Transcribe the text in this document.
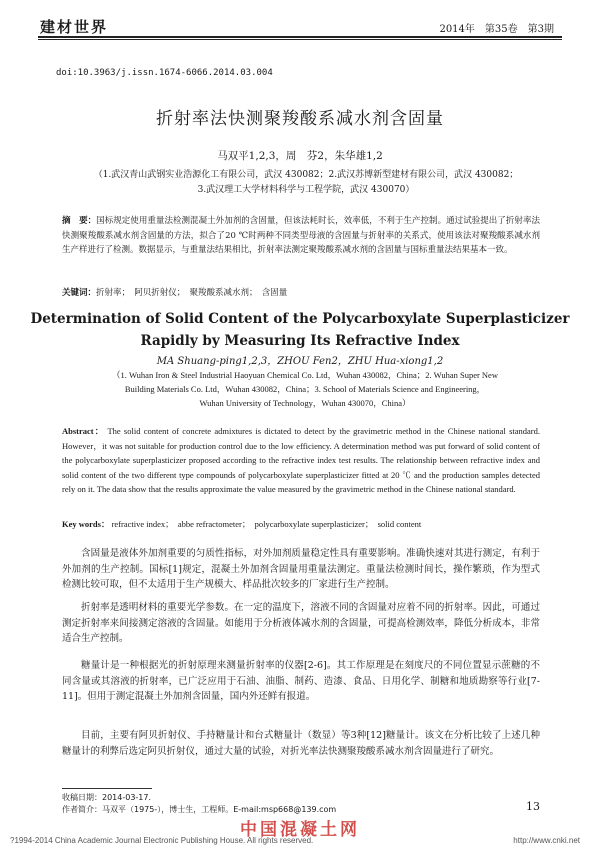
建材世界	2014年　第35卷　第3期
doi:10.3963/j.issn.1674-6066.2014.03.004
折射率法快测聚羧酸系减水剂含固量
马双平1,2,3，周　芬2，朱华雄1,2
（1.武汉青山武钢实业浩源化工有限公司，武汉 430082；2.武汉苏博新型建材有限公司，武汉 430082；
3.武汉理工大学材料科学与工程学院，武汉 430070）
摘　要：国标规定使用重量法检测混凝土外加剂的含固量，但该法耗时长，效率低，不利于生产控制。通过试验提出了折射率法快测聚羧酸系减水剂含固量的方法，拟合了20 ℃时两种不同类型母液的含固量与折射率的关系式，使用该法对聚羧酸系减水剂生产样进行了检测。数据显示，与重量法结果相比，折射率法测定聚羧酸系减水剂的含固量与国标重量法结果基本一致。
关键词：折射率；　阿贝折射仪；　聚羧酸系减水剂；　含固量
Determination of Solid Content of the Polycarboxylate Superplasticizer
Rapidly by Measuring Its Refractive Index
MA Shuang-ping1,2,3，ZHOU Fen2，ZHU Hua-xiong1,2
（1. Wuhan Iron & Steel Industrial Haoyuan Chemical Co. Ltd，Wuhan 430082，China；2. Wuhan Super New
Building Materials Co. Ltd，Wuhan 430082，China；3. School of Materials Science and Engineering，
Wuhan University of Technology，Wuhan 430070，China）
Abstract： The solid content of concrete admixtures is dictated to detect by the gravimetric method in the Chinese national standard. However，it was not suitable for production control due to the low efficiency. A determination method was put forward of solid content of the polycarboxylate superplasticizer proposed according to the refractive index test results. The relationship between refractive index and solid content of the two different type compounds of polycarboxylate superplasticizer fitted at 20 ℃ and the production samples detected rely on it. The data show that the results approximate the value measured by the gravimetric method in the Chinese national standard.
Key words： refractive index；　abbe refractometer；　polycarboxylate superplasticizer；　solid content

含固量是液体外加剂重要的匀质性指标，对外加剂质量稳定性具有重要影响。准确快速对其进行测定，有利于外加剂的生产控制。国标[1]规定，混凝土外加剂含固量用重量法测定。重量法检测时间长，操作繁琐，作为型式检测比较可取，但不太适用于生产规模大、样品批次较多的厂家进行生产控制。

折射率是透明材料的重要光学参数。在一定的温度下，溶液不同的含固量对应着不同的折射率。因此，可通过测定折射率来间接测定溶液的含固量。如能用于分析液体减水剂的含固量，可提高检测效率，降低分析成本，非常适合生产控制。

糖量计是一种根据光的折射原理来测量折射率的仪器[2-6]。其工作原理是在刻度尺的不同位置显示蔗糖的不同含量或其溶液的折射率，已广泛应用于石油、油脂、制药、造漆、食品、日用化学、制糖和地质勘察等行业[7-11]。但用于测定混凝土外加剂含固量，国内外还鲜有报道。

目前，主要有阿贝折射仪、手持糖量计和台式糖量计（数显）等3种[12]糖量计。该文在分析比较了上述几种糖量计的利弊后选定阿贝折射仪，通过大量的试验，对折光率法快测聚羧酸系减水剂含固量进行了研究。

收稿日期：2014-03-17.
作者简介：马双平（1975-），博士生，工程师。E-mail:msp668@139.com	13
中国混凝土网
?1994-2014 China Academic Journal Electronic Publishing House. All rights reserved.	http://www.cnki.net
